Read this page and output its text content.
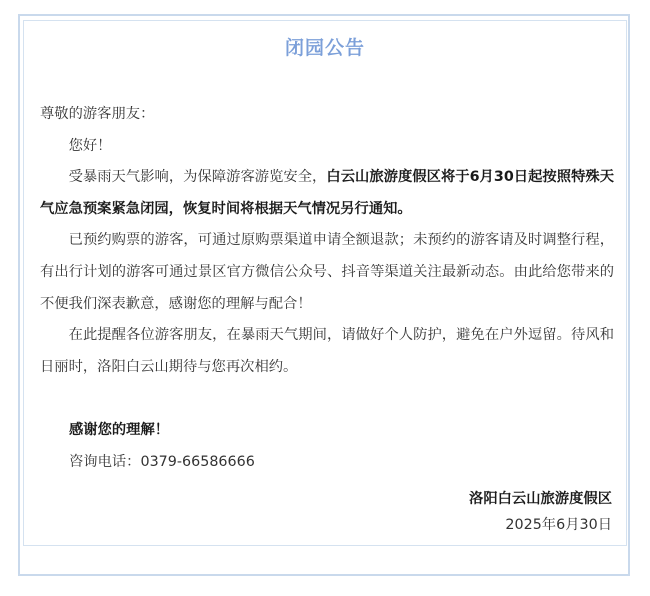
闭园公告
尊敬的游客朋友：

您好！

受暴雨天气影响，为保障游客游览安全，白云山旅游度假区将于6月30日起按照特殊天气应急预案紧急闭园，恢复时间将根据天气情况另行通知。

已预约购票的游客，可通过原购票渠道申请全额退款；未预约的游客请及时调整行程，有出行计划的游客可通过景区官方微信公众号、抖音等渠道关注最新动态。由此给您带来的不便我们深表歉意，感谢您的理解与配合！

在此提醒各位游客朋友，在暴雨天气期间，请做好个人防护，避免在户外逗留。待风和日丽时，洛阳白云山期待与您再次相约。

感谢您的理解！
咨询电话：0379-66586666
洛阳白云山旅游度假区
2025年6月30日
